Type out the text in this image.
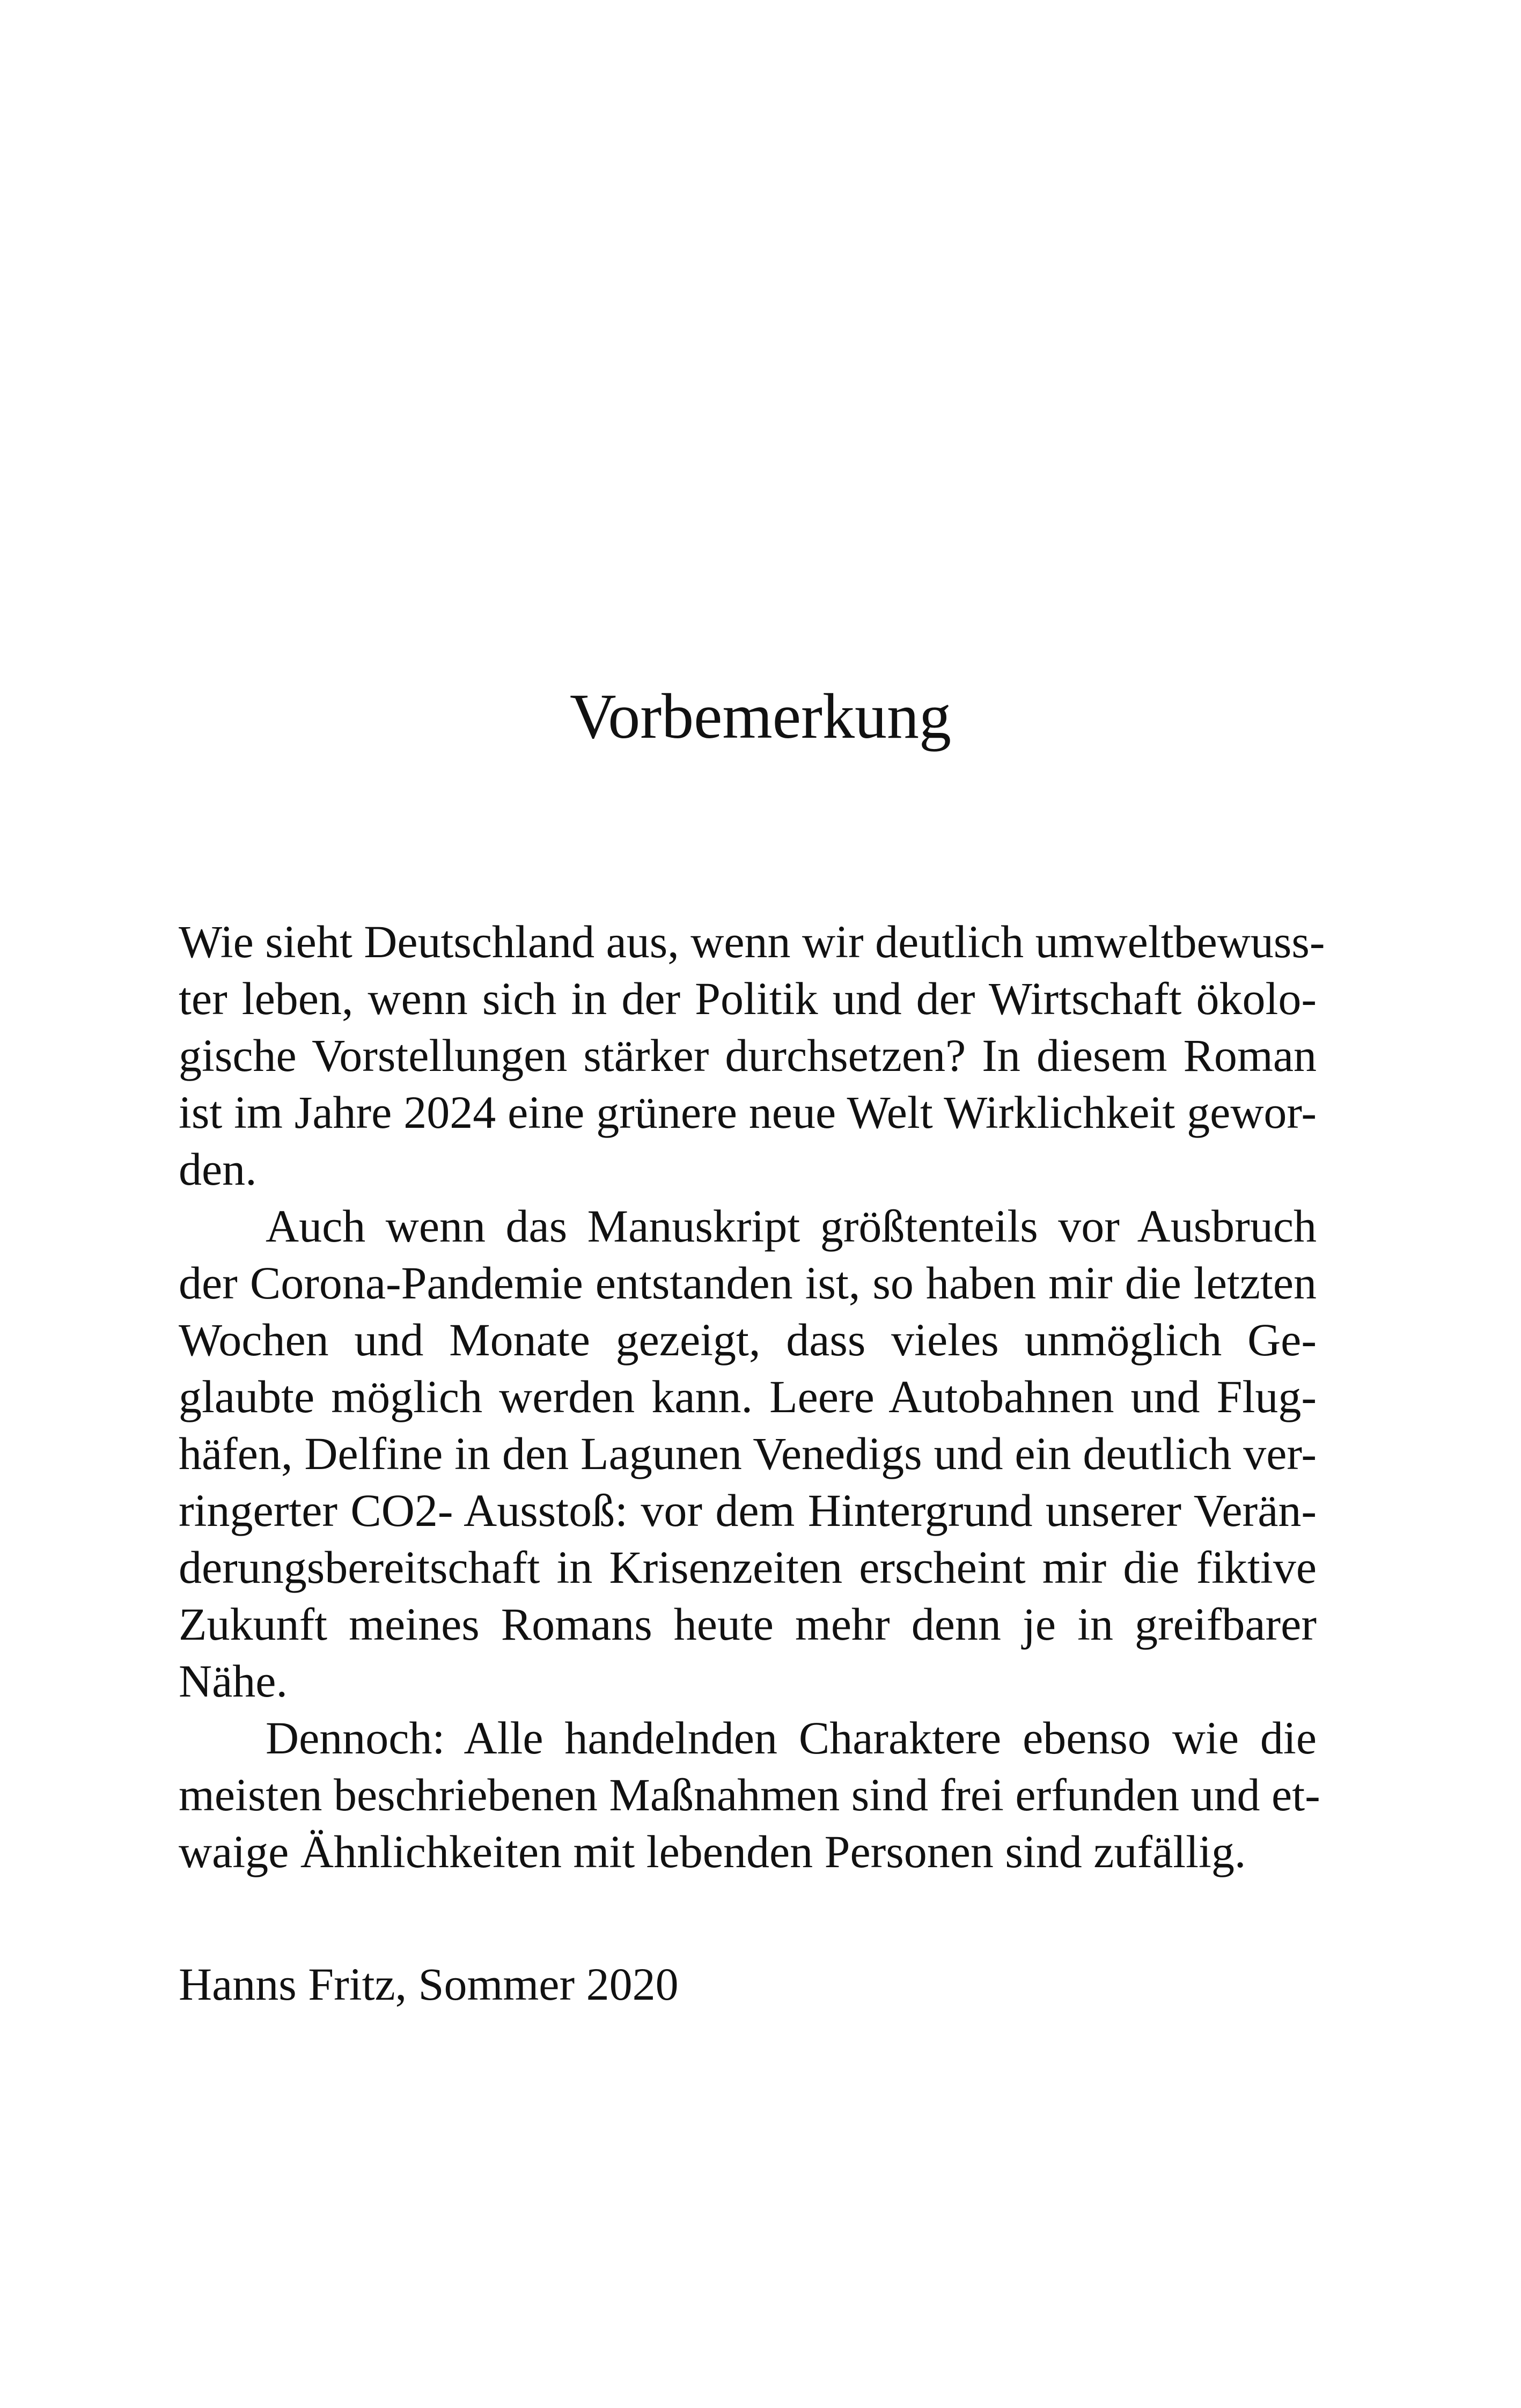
Vorbemerkung

Wie sieht Deutschland aus, wenn wir deutlich umweltbewuss-

ter leben, wenn sich in der Politik und der Wirtschaft ökolo-

gische Vorstellungen stärker durchsetzen? In diesem Roman

ist im Jahre 2024 eine grünere neue Welt Wirklichkeit gewor-

den.

Auch wenn das Manuskript größtenteils vor Ausbruch

der Corona-Pandemie entstanden ist, so haben mir die letzten

Wochen und Monate gezeigt, dass vieles unmöglich Ge-

glaubte möglich werden kann. Leere Autobahnen und Flug-

häfen, Delfine in den Lagunen Venedigs und ein deutlich ver-

ringerter CO2- Ausstoß: vor dem Hintergrund unserer Verän-

derungsbereitschaft in Krisenzeiten erscheint mir die fiktive

Zukunft meines Romans heute mehr denn je in greifbarer

Nähe.

Dennoch: Alle handelnden Charaktere ebenso wie die

meisten beschriebenen Maßnahmen sind frei erfunden und et-

waige Ähnlichkeiten mit lebenden Personen sind zufällig.

Hanns Fritz, Sommer 2020
